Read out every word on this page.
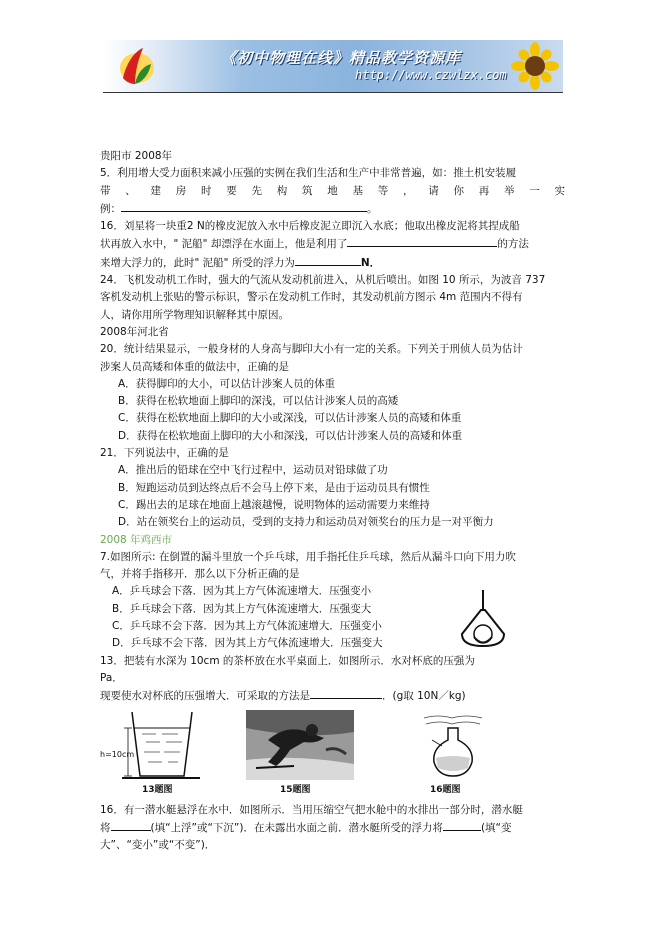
《初中物理在线》精品教学资源库
http://www.czwlzx.com

贵阳市 2008年

5．利用增大受力面积来减小压强的实例在我们生活和生产中非常普遍，如：推土机安装履

带 、 建 房 时 要 先 构 筑 地 基 等 ， 请 你 再 举 一 实

例：	。

16．刘星将一块重2 N的橡皮泥放入水中后橡皮泥立即沉入水底；他取出橡皮泥将其捏成船

状再放入水中，" 泥船" 却漂浮在水面上，他是利用了	的方法

来增大浮力的，此时" 泥船" 所受的浮力为	N．

24．飞机发动机工作时，强大的气流从发动机前进入，从机后喷出。如图 10 所示，为波音 737

客机发动机上张贴的警示标识，警示在发动机工作时，其发动机前方图示 4m 范围内不得有

人，请你用所学物理知识解释其中原因。

2008年河北省

20．统计结果显示，一般身材的人身高与脚印大小有一定的关系。下列关于刑侦人员为估计

涉案人员高矮和体重的做法中，正确的是

A．获得脚印的大小，可以估计涉案人员的体重

B．获得在松软地面上脚印的深浅，可以估计涉案人员的高矮

C．获得在松软地面上脚印的大小或深浅，可以估计涉案人员的高矮和体重

D．获得在松软地面上脚印的大小和深浅，可以估计涉案人员的高矮和体重

21．下列说法中，正确的是

A．推出后的铅球在空中飞行过程中，运动员对铅球做了功

B．短跑运动员到达终点后不会马上停下来，是由于运动员具有惯性

C．踢出去的足球在地面上越滚越慢，说明物体的运动需要力来维持

D．站在领奖台上的运动员，受到的支持力和运动员对领奖台的压力是一对平衡力

2008 年鸡西市

7.如图所示: 在倒置的漏斗里放一个乒乓球，用手指托住乒乓球，然后从漏斗口向下用力吹

气，并将手指移开．那么以下分析正确的是

A．乒乓球会下落．因为其上方气体流速增大．压强变小

B．乒乓球会下落．因为其上方气体流速增大．压强变大

C．乒乓球不会下落．因为其上方气体流速增大．压强变小

D．乒乓球不会下落．因为其上方气体流速增大．压强变大

13．把装有水深为 10cm 的茶杯放在水平桌面上．如图所示．水对杯底的压强为

Pa．

现要使水对杯底的压强增大．可采取的方法是	．(g取 10N／kg)

h=10cm
13题图	15题图	16题图

16．有一潜水艇悬浮在水中．如图所示．当用压缩空气把水舱中的水排出一部分时，潜水艇

将	(填“上浮”或“下沉”)．在未露出水面之前．潜水艇所受的浮力将	(填“变

大”、“变小”或“不变”)．
